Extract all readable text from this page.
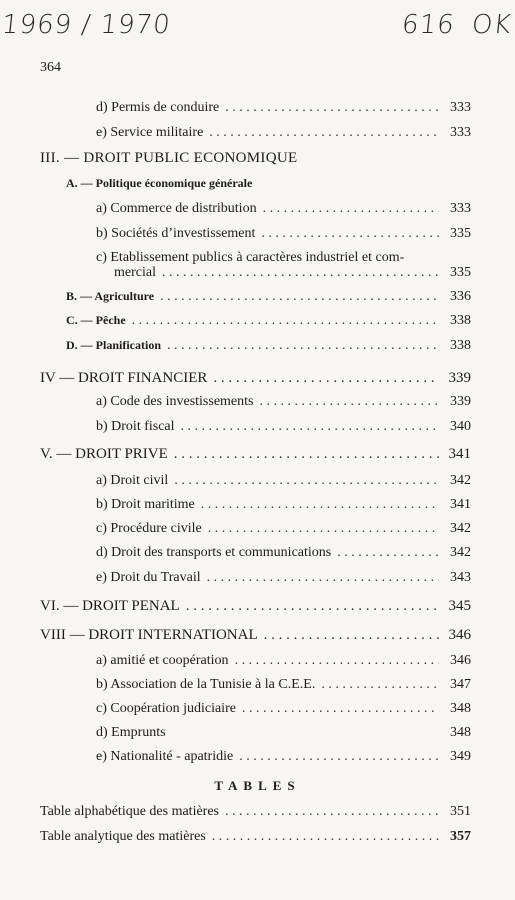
1969 / 1970	616 OK
364
d) Permis de conduire . . .	333
e) Service militaire . . .	333
III. — DROIT PUBLIC ECONOMIQUE
A. — Politique économique générale
a) Commerce de distribution . . .	333
b) Sociétés d’investissement . . .	335
c) Etablissement publics à caractères industriel et com-
mercial . . .	335
B. — Agriculture . . .	336
C. — Pêche . . .	338
D. — Planification . . .	338
IV — DROIT FINANCIER . . .	339
a) Code des investissements . . .	339
b) Droit fiscal . . .	340
V. — DROIT PRIVE . . .	341
a) Droit civil . . .	342
b) Droit maritime . . .	341
c) Procédure civile . . .	342
d) Droit des transports et communications . . .	342
e) Droit du Travail . . .	343
VI. — DROIT PENAL . . .	345
VIII — DROIT INTERNATIONAL . . .	346
a) amitié et coopération . . .	346
b) Association de la Tunisie à la C.E.E. . . .	347
c) Coopération judiciaire . . .	348
d) Emprunts	348
e) Nationalité - apatridie . . .	349
TABLES
Table alphabétique des matières . . .	351
Table analytique des matières . . .	357
